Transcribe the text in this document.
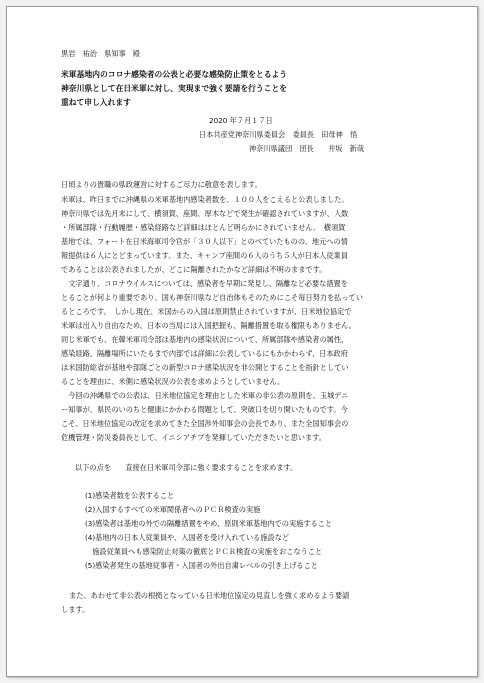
黒岩　祐治　県知事　殿
米軍基地内のコロナ感染者の公表と必要な感染防止策をとるよう
神奈川県として在日米軍に対し、実現まで強く要請を行うことを
重ねて申し入れます
2020 年７月１７日
日本共産党神奈川県委員会　委員長　田母神　悟
神奈川県議団　団長　　井坂　新哉
日頃よりの貴職の県政運営に対するご尽力に敬意を表します。
米軍は、昨日までに沖縄県の米軍基地内感染者数を、１００人をこえると公表しました。
神奈川県では先月末にして、横須賀、座間、厚木などで発生が確認されていますが、人数
・所属部隊・行動履歴・感染経路など詳細はほとんど明らかにされていません。　横須賀
基地では、フォート在日米海軍司令官が「３０人以下」とのべていたものの、地元への情
報提供は６人にとどまっています。また、キャンプ座間の６人のうち５人が日本人従業員
であることは公表されましたが、どこに隔離されたかなど詳細は不明のままです。
　文字通り、コロナウイルスについては、感染者を早期に発見し、隔離など必要な措置を
とることが何より重要であり、国も神奈川県など自治体もそのためにこそ毎日努力を払ってい
るところです。　しかし現在、米国からの入国は原則禁止されていますが、日米地位協定で
米軍は出入り自由なため、日本の当局には入国把握も、隔離措置を取る権限もありません。
同じ米軍でも、在韓米軍司令部は基地内の感染状況について、所属部隊や感染者の属性、
感染経路、隔離場所にいたるまで内部では詳細に公表しているにもかかわらず、日本政府
は米国防総省が基地や部隊ごとの新型コロナ感染状況を非公開とすることを指針としてい
ることを理由に、米側に感染状況の公表を求めようとしていません。
　今回の沖縄県での公表は、日米地位協定を理由とした米軍の非公表の原則を、玉城デニ
ー知事が、県民のいのちと健康にかかわる問題として、突破口を切り開いたものです。今
こそ、日米地位協定の改定を求めてきた全国渉外知事会の会長であり、また全国知事会の
危機管理・防災委員長として、イニシアチブを発揮していただきたいと思います。
以下の点を　　直接在日米軍司令部に強く要求することを求めます。
(1)感染者数を公表すること
(2)入国するすべての米軍関係者へのＰＣＲ検査の実施
(3)感染者は基地の外での隔離措置をやめ、原則米軍基地内での実施すること
(4)基地内の日本人従業員や、入国者を受け入れている施設など
　施設従業員へも感染防止対策の徹底とＰＣＲ検査の実施をおこなうこと
(5)感染者発生の基地従事者・入国者の外出自粛レベルの引き上げること
また、あわせて非公表の根拠となっている日米地位協定の見直しを強く求めるよう要請
します。
